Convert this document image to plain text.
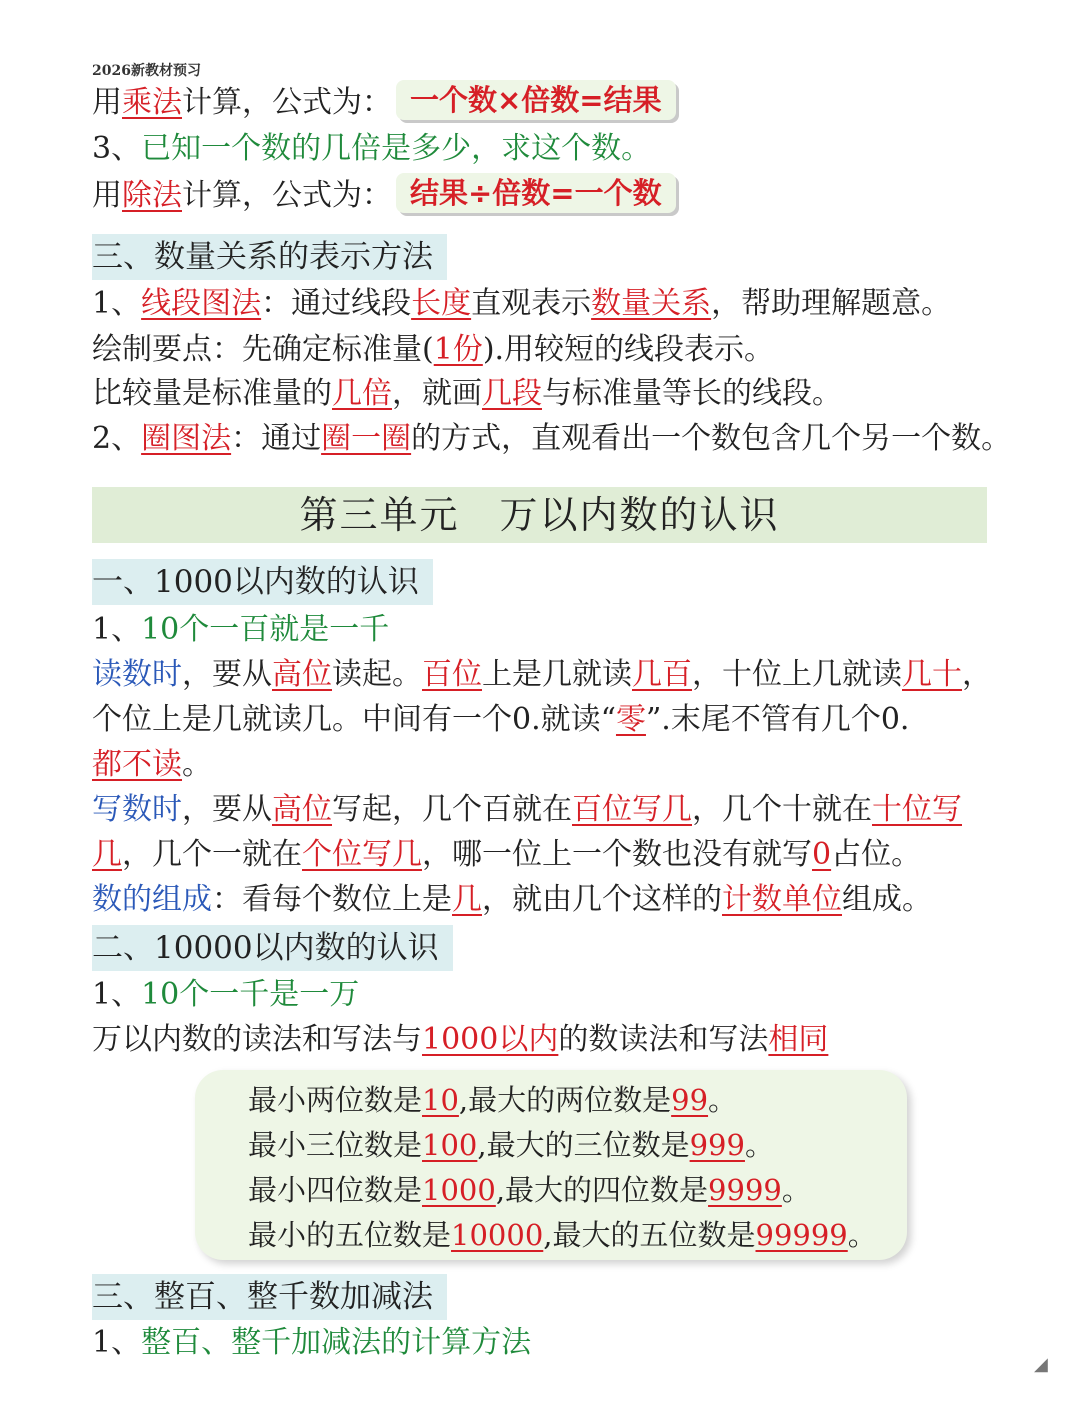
2026新教材预习
用乘法计算，公式为： 一个数×倍数=结果
3、已知一个数的几倍是多少，求这个数。
用除法计算，公式为： 结果÷倍数=一个数
三、数量关系的表示方法
1、线段图法：通过线段长度直观表示数量关系，帮助理解题意。
绘制要点：先确定标准量(1份).用较短的线段表示。
比较量是标准量的几倍，就画几段与标准量等长的线段。
2、圈图法：通过圈一圈的方式，直观看出一个数包含几个另一个数。
第三单元　万以内数的认识
一、1000以内数的认识
1、10个一百就是一千
读数时，要从高位读起。百位上是几就读几百，十位上几就读几十，
个位上是几就读几。中间有一个0.就读“零”.末尾不管有几个0.
都不读。
写数时，要从高位写起，几个百就在百位写几，几个十就在十位写
几，几个一就在个位写几，哪一位上一个数也没有就写0占位。
数的组成：看每个数位上是几，就由几个这样的计数单位组成。
二、10000以内数的认识
1、10个一千是一万
万以内数的读法和写法与1000以内的数读法和写法相同
最小两位数是10,最大的两位数是99。
最小三位数是100,最大的三位数是999。
最小四位数是1000,最大的四位数是9999。
最小的五位数是10000,最大的五位数是99999。
三、整百、整千数加减法
1、整百、整千加减法的计算方法
◢
